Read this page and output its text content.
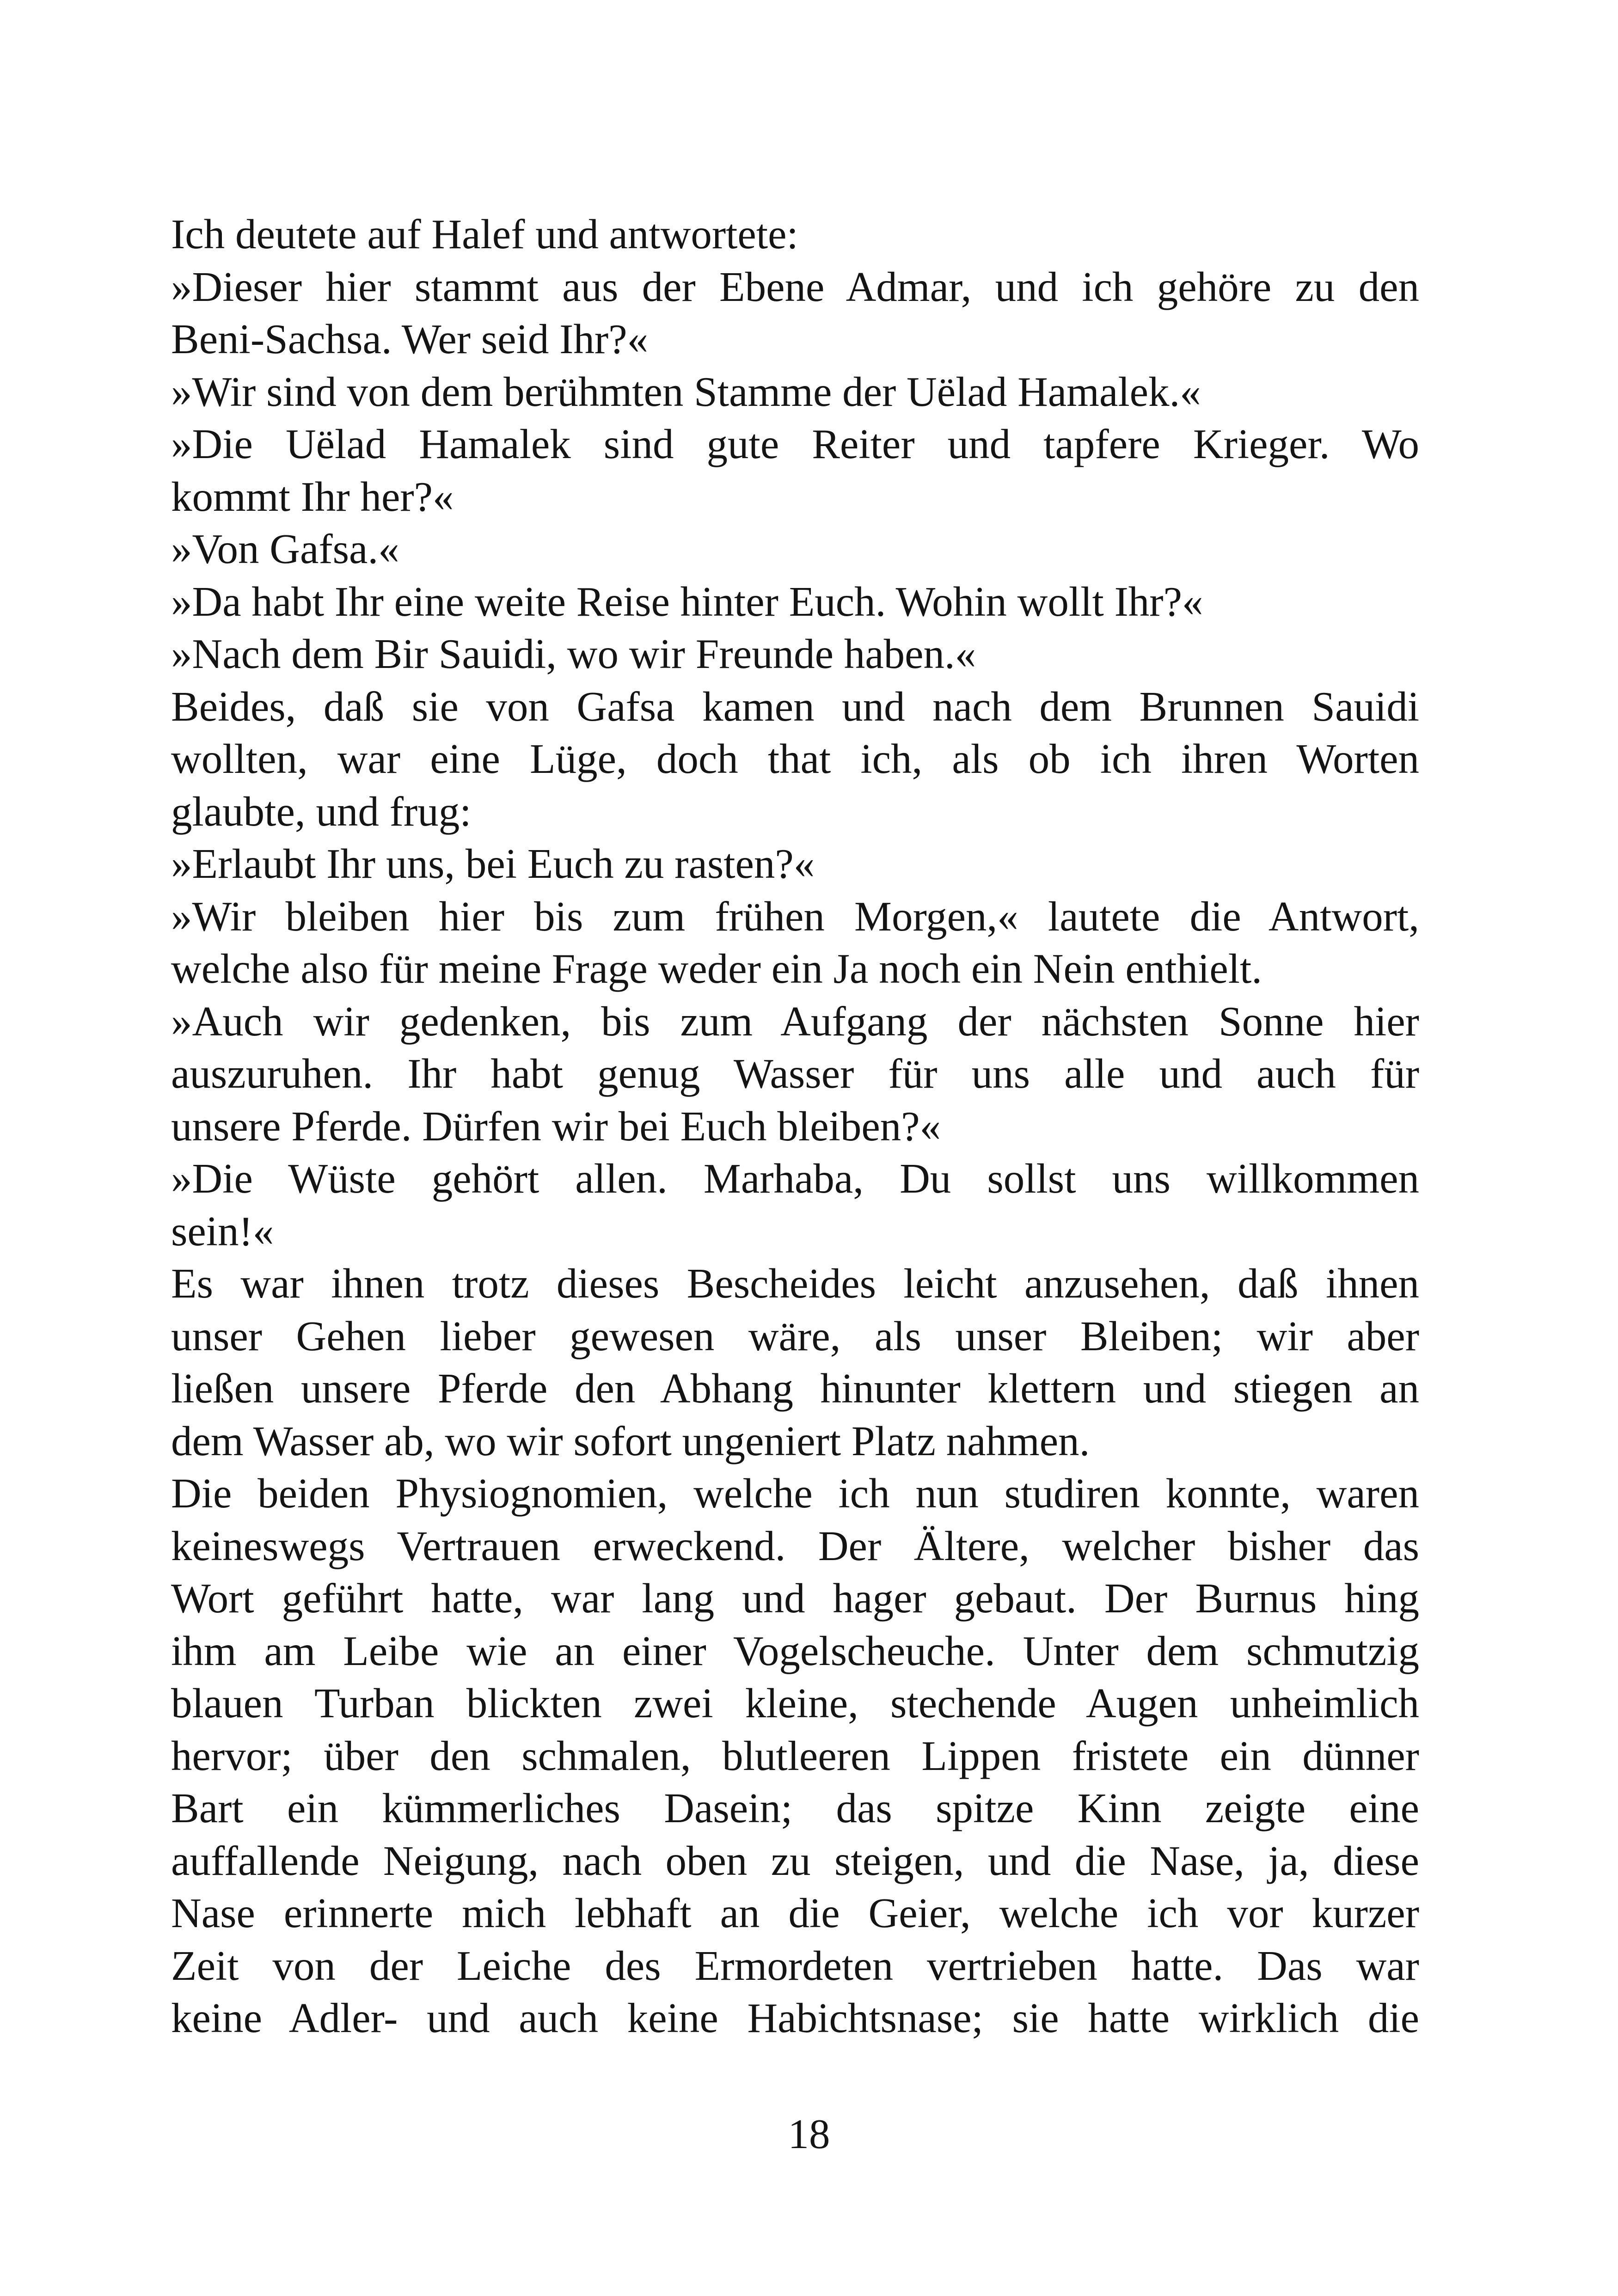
Ich deutete auf Halef und antwortete:
»Dieser hier stammt aus der Ebene Admar, und ich gehöre zu den
Beni-Sachsa. Wer seid Ihr?«
»Wir sind von dem berühmten Stamme der Uëlad Hamalek.«
»Die Uëlad Hamalek sind gute Reiter und tapfere Krieger. Wo
kommt Ihr her?«
»Von Gafsa.«
»Da habt Ihr eine weite Reise hinter Euch. Wohin wollt Ihr?«
»Nach dem Bir Sauidi, wo wir Freunde haben.«
Beides, daß sie von Gafsa kamen und nach dem Brunnen Sauidi
wollten, war eine Lüge, doch that ich, als ob ich ihren Worten
glaubte, und frug:
»Erlaubt Ihr uns, bei Euch zu rasten?«
»Wir bleiben hier bis zum frühen Morgen,« lautete die Antwort,
welche also für meine Frage weder ein Ja noch ein Nein enthielt.
»Auch wir gedenken, bis zum Aufgang der nächsten Sonne hier
auszuruhen. Ihr habt genug Wasser für uns alle und auch für
unsere Pferde. Dürfen wir bei Euch bleiben?«
»Die Wüste gehört allen. Marhaba, Du sollst uns willkommen
sein!«
Es war ihnen trotz dieses Bescheides leicht anzusehen, daß ihnen
unser Gehen lieber gewesen wäre, als unser Bleiben; wir aber
ließen unsere Pferde den Abhang hinunter klettern und stiegen an
dem Wasser ab, wo wir sofort ungeniert Platz nahmen.
Die beiden Physiognomien, welche ich nun studiren konnte, waren
keineswegs Vertrauen erweckend. Der Ältere, welcher bisher das
Wort geführt hatte, war lang und hager gebaut. Der Burnus hing
ihm am Leibe wie an einer Vogelscheuche. Unter dem schmutzig
blauen Turban blickten zwei kleine, stechende Augen unheimlich
hervor; über den schmalen, blutleeren Lippen fristete ein dünner
Bart ein kümmerliches Dasein; das spitze Kinn zeigte eine
auffallende Neigung, nach oben zu steigen, und die Nase, ja, diese
Nase erinnerte mich lebhaft an die Geier, welche ich vor kurzer
Zeit von der Leiche des Ermordeten vertrieben hatte. Das war
keine Adler- und auch keine Habichtsnase; sie hatte wirklich die
18
